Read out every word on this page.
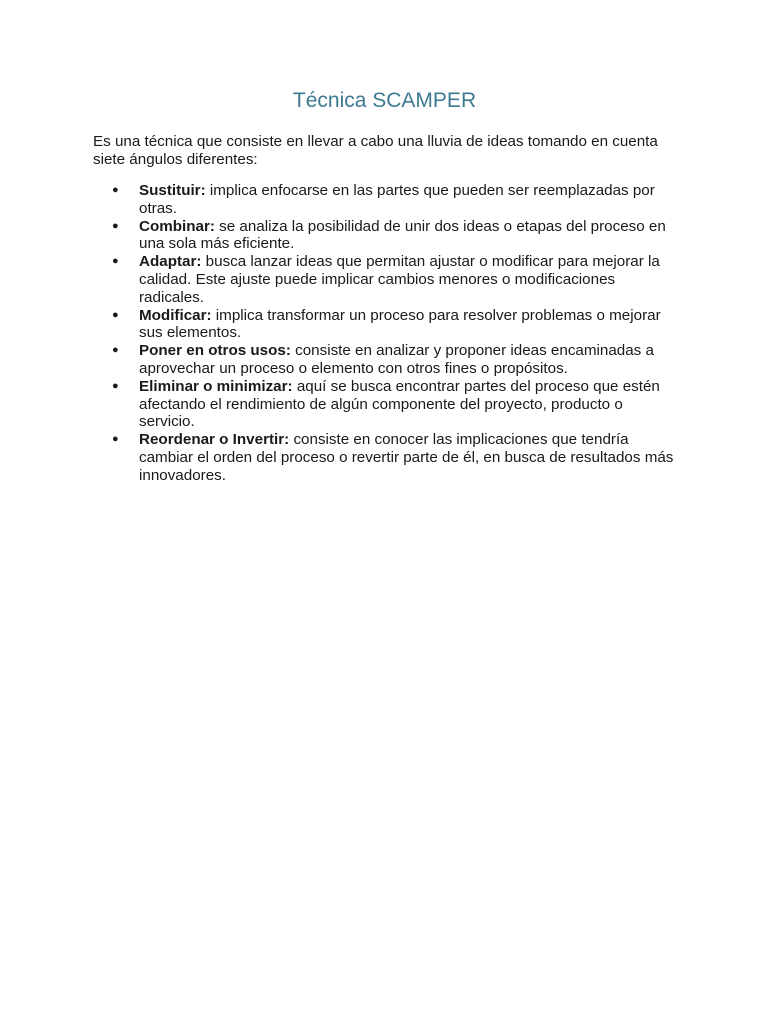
Técnica SCAMPER

Es una técnica que consiste en llevar a cabo una lluvia de ideas tomando en cuenta siete ángulos diferentes:

● Sustituir: implica enfocarse en las partes que pueden ser reemplazadas por otras.
● Combinar: se analiza la posibilidad de unir dos ideas o etapas del proceso en una sola más eficiente.
● Adaptar: busca lanzar ideas que permitan ajustar o modificar para mejorar la calidad. Este ajuste puede implicar cambios menores o modificaciones radicales.
● Modificar: implica transformar un proceso para resolver problemas o mejorar sus elementos.
● Poner en otros usos: consiste en analizar y proponer ideas encaminadas a aprovechar un proceso o elemento con otros fines o propósitos.
● Eliminar o minimizar: aquí se busca encontrar partes del proceso que estén afectando el rendimiento de algún componente del proyecto, producto o servicio.
● Reordenar o Invertir: consiste en conocer las implicaciones que tendría cambiar el orden del proceso o revertir parte de él, en busca de resultados más innovadores.
